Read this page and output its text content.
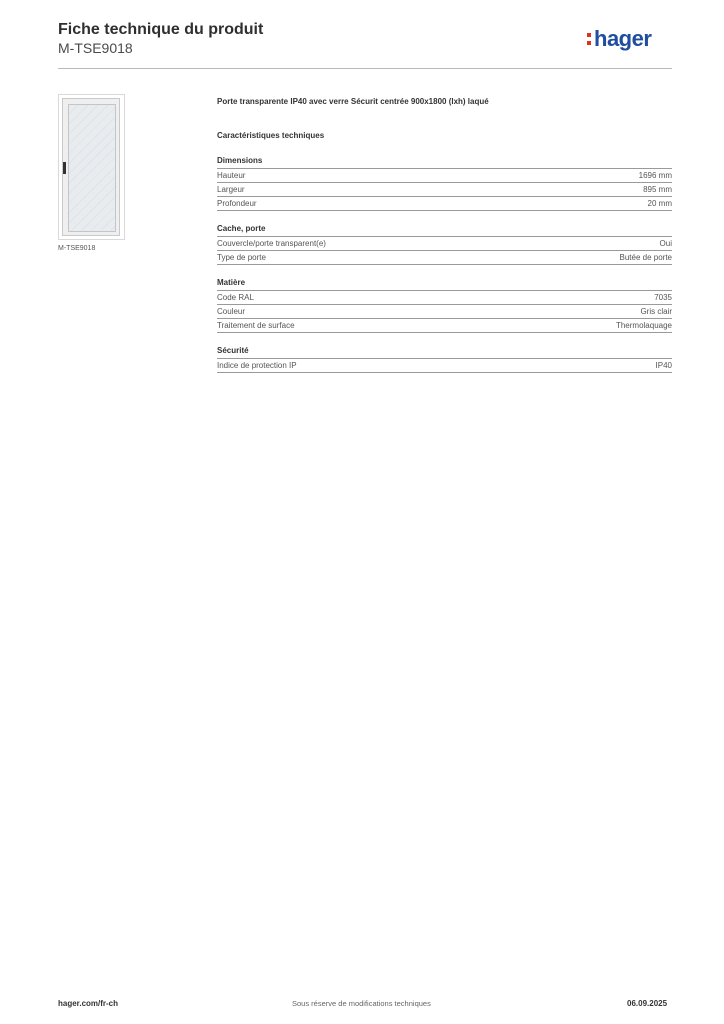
Fiche technique du produit
M-TSE9018	hager
M-TSE9018
Porte transparente IP40 avec verre Sécurit centrée 900x1800 (lxh) laqué
Caractéristiques techniques
Dimensions
Hauteur	1696 mm
Largeur	895 mm
Profondeur	20 mm
Cache, porte
Couvercle/porte transparent(e)	Oui
Type de porte	Butée de porte
Matière
Code RAL	7035
Couleur	Gris clair
Traitement de surface	Thermolaquage
Sécurité
Indice de protection IP	IP40
hager.com/fr-ch	Sous réserve de modifications techniques	06.09.2025
